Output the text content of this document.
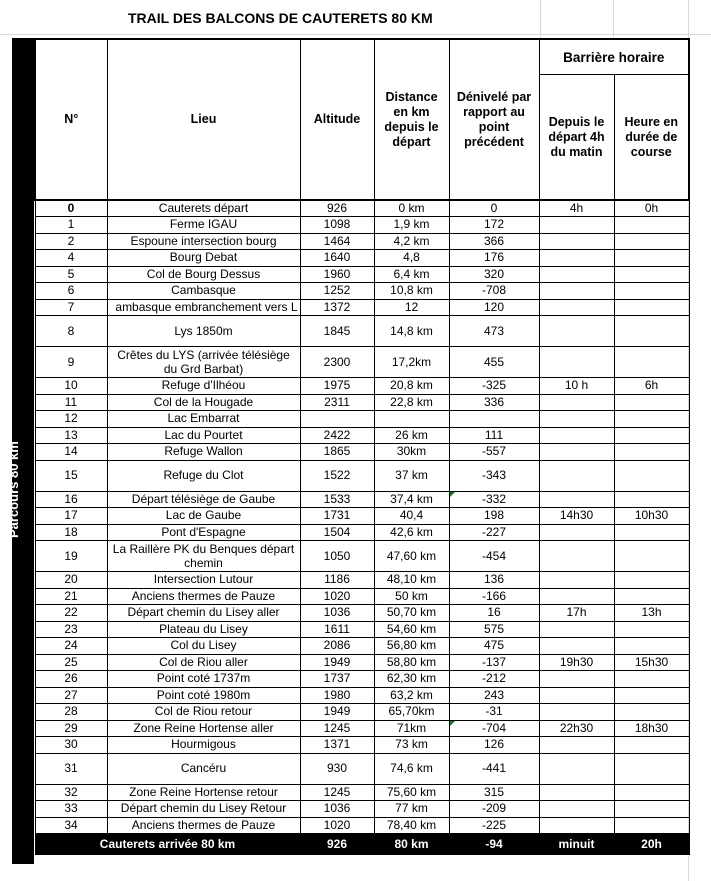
TRAIL DES BALCONS DE CAUTERETS 80 KM
Parcours 80 km
N°	Lieu	Altitude	Distance en km depuis le départ	Dénivelé par rapport au point précédent	Barrière horaire	
					Depuis le départ 4h du matin	Heure en durée de course
0	Cauterets départ	926	0 km	0	4h	0h
1	Ferme IGAU	1098	1,9 km	172		
2	Espoune intersection bourg	1464	4,2 km	366		
4	Bourg Debat	1640	4,8	176		
5	Col de Bourg Dessus	1960	6,4 km	320		
6	Cambasque	1252	10,8 km	-708		
7	ambasque embranchement vers L	1372	12	120		
8	Lys 1850m	1845	14,8 km	473		
9	Crêtes du LYS (arrivée télésiège du Grd Barbat)	2300	17,2km	455		
10	Refuge d'Ilhéou	1975	20,8 km	-325	10 h	6h
11	Col de la Hougade	2311	22,8 km	336		
12	Lac Embarrat					
13	Lac du Pourtet	2422	26 km	111		
14	Refuge Wallon	1865	30km	-557		
15	Refuge du Clot	1522	37 km	-343		
16	Départ télésiège de Gaube	1533	37,4 km	-332

17	Lac de Gaube	1731	40,4	198	14h30	10h30
18	Pont d'Espagne	1504	42,6 km	-227		
19	La Raillère PK du Benques départ chemin	1050	47,60 km	-454		
20	Intersection Lutour	1186	48,10 km	136		
21	Anciens thermes de Pauze	1020	50 km	-166		
22	Départ chemin du Lisey aller	1036	50,70 km	16	17h	13h
23	Plateau du Lisey	1611	54,60 km	575		
24	Col du Lisey	2086	56,80 km	475		
25	Col de Riou aller	1949	58,80 km	-137	19h30	15h30
26	Point coté 1737m	1737	62,30 km	-212		
27	Point coté 1980m	1980	63,2 km	243		
28	Col de Riou retour	1949	65,70km	-31		
29	Zone Reine Hortense aller	1245	71km	-704	22h30	18h30
30	Hourmigous	1371	73 km	126		
31	Cancéru	930	74,6 km	-441		
32	Zone Reine Hortense retour	1245	75,60 km	315		
33	Départ chemin du Lisey Retour	1036	77 km	-209		
34	Anciens thermes de Pauze	1020	78,40 km	-225		
Cauterets arrivée 80 km		926	80 km	-94	minuit	20h
